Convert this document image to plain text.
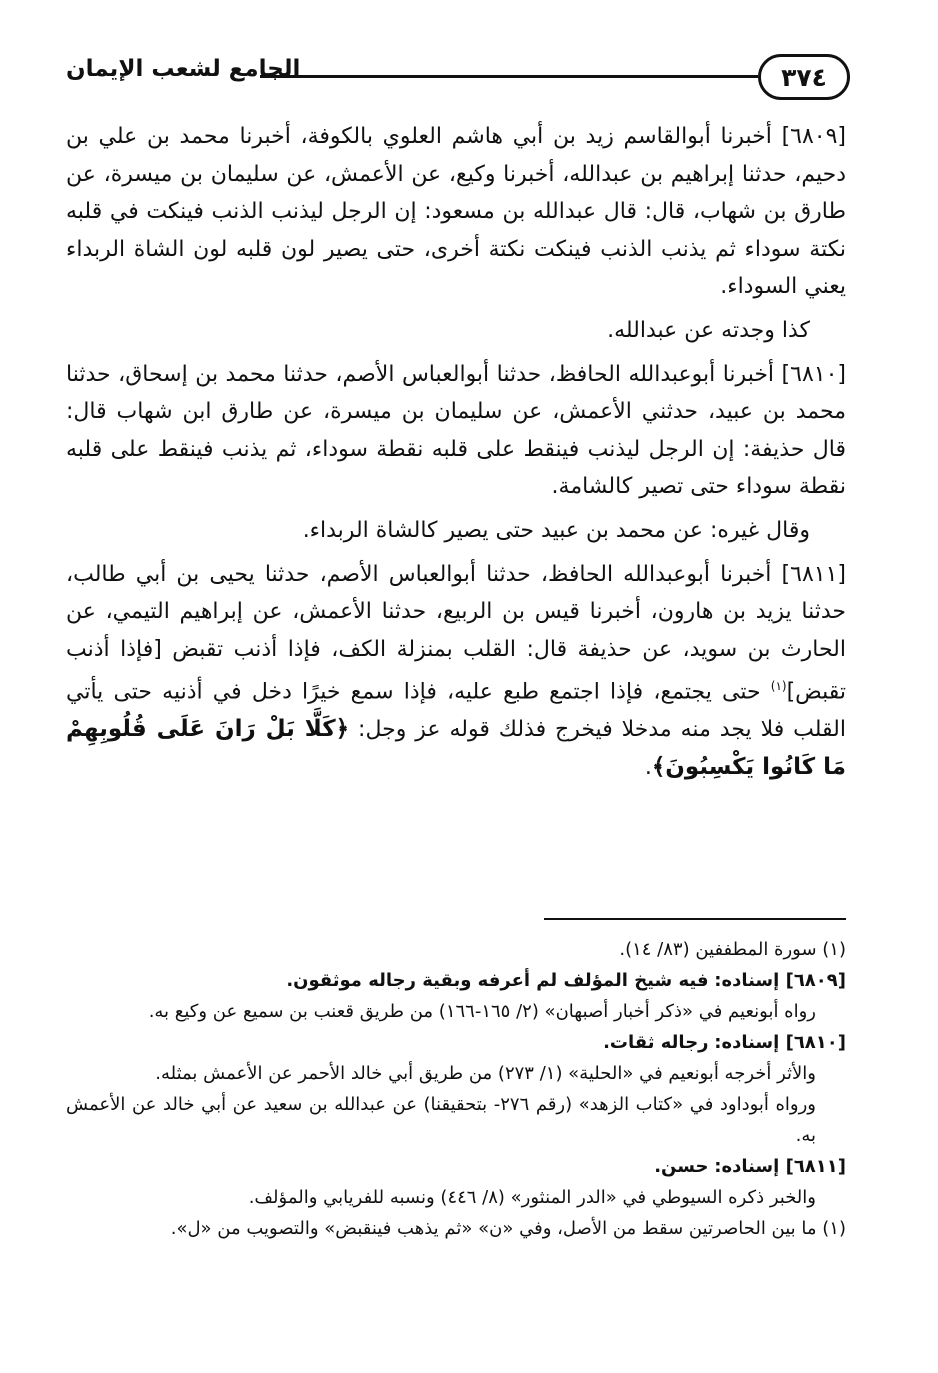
٣٧٤
الجامع لشعب الإيمان

[٦٨٠٩] أخبرنا أبوالقاسم زيد بن أبي هاشم العلوي بالكوفة، أخبرنا محمد بن علي بن دحيم، حدثنا إبراهيم بن عبدالله، أخبرنا وكيع، عن الأعمش، عن سليمان بن ميسرة، عن طارق بن شهاب، قال: قال عبدالله بن مسعود: إن الرجل ليذنب الذنب فينكت في قلبه نكتة سوداء ثم يذنب الذنب فينكت نكتة أخرى، حتى يصير لون قلبه لون الشاة الربداء يعني السوداء.

كذا وجدته عن عبدالله.

[٦٨١٠] أخبرنا أبوعبدالله الحافظ، حدثنا أبوالعباس الأصم، حدثنا محمد بن إسحاق، حدثنا محمد بن عبيد، حدثني الأعمش، عن سليمان بن ميسرة، عن طارق ابن شهاب قال: قال حذيفة: إن الرجل ليذنب فينقط على قلبه نقطة سوداء، ثم يذنب فينقط على قلبه نقطة سوداء حتى تصير كالشامة.

وقال غيره: عن محمد بن عبيد حتى يصير كالشاة الربداء.

[٦٨١١] أخبرنا أبوعبدالله الحافظ، حدثنا أبوالعباس الأصم، حدثنا يحيى بن أبي طالب، حدثنا يزيد بن هارون، أخبرنا قيس بن الربيع، حدثنا الأعمش، عن إبراهيم التيمي، عن الحارث بن سويد، عن حذيفة قال: القلب بمنزلة الكف، فإذا أذنب تقبض [فإذا أذنب تقبض]$^{(١)}$ حتى يجتمع، فإذا اجتمع طبع عليه، فإذا سمع خيرًا دخل في أذنيه حتى يأتي القلب فلا يجد منه مدخلا فيخرج فذلك قوله عز وجل: ﴿كَلَّا بَلْ رَانَ عَلَى قُلُوبِهِمْ مَا كَانُوا يَكْسِبُونَ﴾.

(١) سورة المطففين (٨٣/ ١٤).

[٦٨٠٩] إسناده: فيه شيخ المؤلف لم أعرفه وبقية رجاله موثقون.

رواه أبونعيم في «ذكر أخبار أصبهان» (٢/ ١٦٥-١٦٦) من طريق قعنب بن سميع عن وكيع به.

[٦٨١٠] إسناده: رجاله ثقات.

والأثر أخرجه أبونعيم في «الحلية» (١/ ٢٧٣) من طريق أبي خالد الأحمر عن الأعمش بمثله.

ورواه أبوداود في «كتاب الزهد» (رقم ٢٧٦- بتحقيقنا) عن عبدالله بن سعيد عن أبي خالد عن الأعمش به.

[٦٨١١] إسناده: حسن.

والخبر ذكره السيوطي في «الدر المنثور» (٨/ ٤٤٦) ونسبه للفريابي والمؤلف.

(١) ما بين الحاصرتين سقط من الأصل، وفي «ن» «ثم يذهب فينقبض» والتصويب من «ل».
